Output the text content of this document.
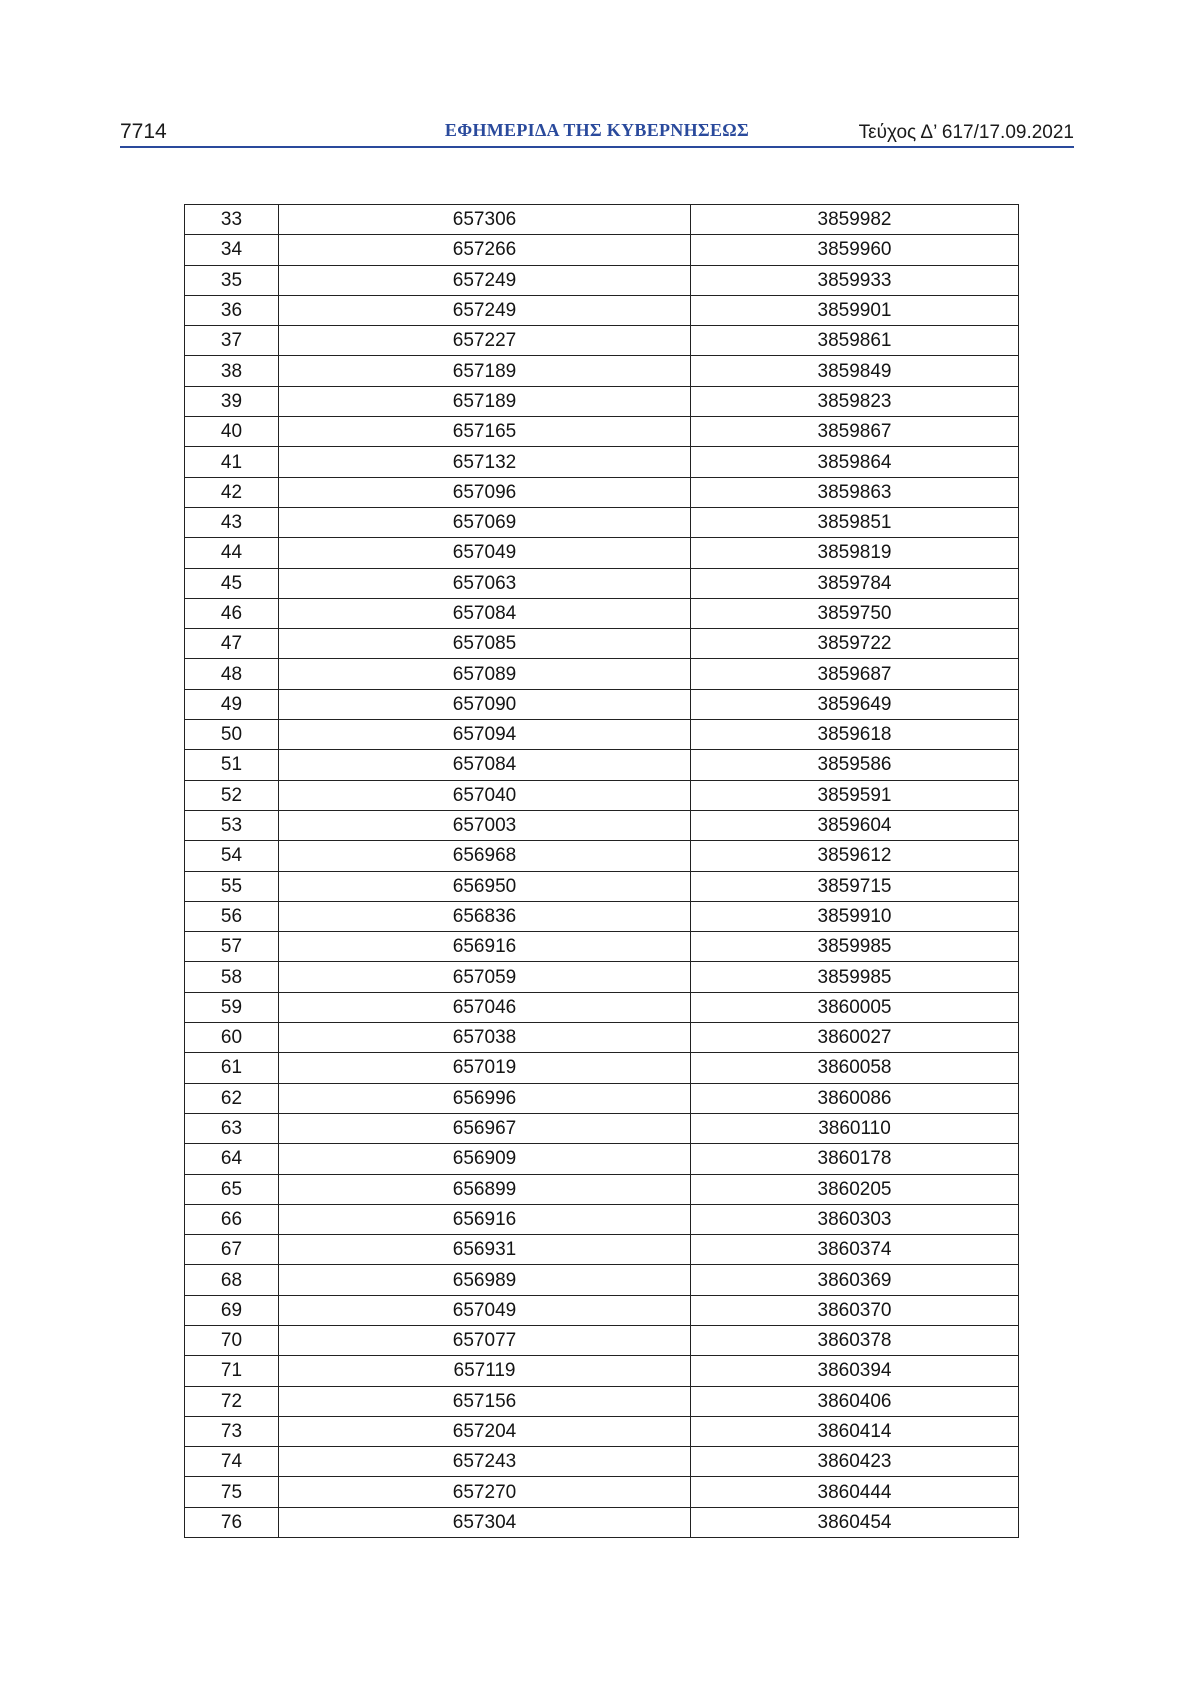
7714	ΕΦΗΜΕΡΙΔΑ ΤΗΣ ΚΥΒΕΡΝΗΣΕΩΣ	Τεύχος Δ’ 617/17.09.2021
33	657306	3859982
34	657266	3859960
35	657249	3859933
36	657249	3859901
37	657227	3859861
38	657189	3859849
39	657189	3859823
40	657165	3859867
41	657132	3859864
42	657096	3859863
43	657069	3859851
44	657049	3859819
45	657063	3859784
46	657084	3859750
47	657085	3859722
48	657089	3859687
49	657090	3859649
50	657094	3859618
51	657084	3859586
52	657040	3859591
53	657003	3859604
54	656968	3859612
55	656950	3859715
56	656836	3859910
57	656916	3859985
58	657059	3859985
59	657046	3860005
60	657038	3860027
61	657019	3860058
62	656996	3860086
63	656967	3860110
64	656909	3860178
65	656899	3860205
66	656916	3860303
67	656931	3860374
68	656989	3860369
69	657049	3860370
70	657077	3860378
71	657119	3860394
72	657156	3860406
73	657204	3860414
74	657243	3860423
75	657270	3860444
76	657304	3860454
